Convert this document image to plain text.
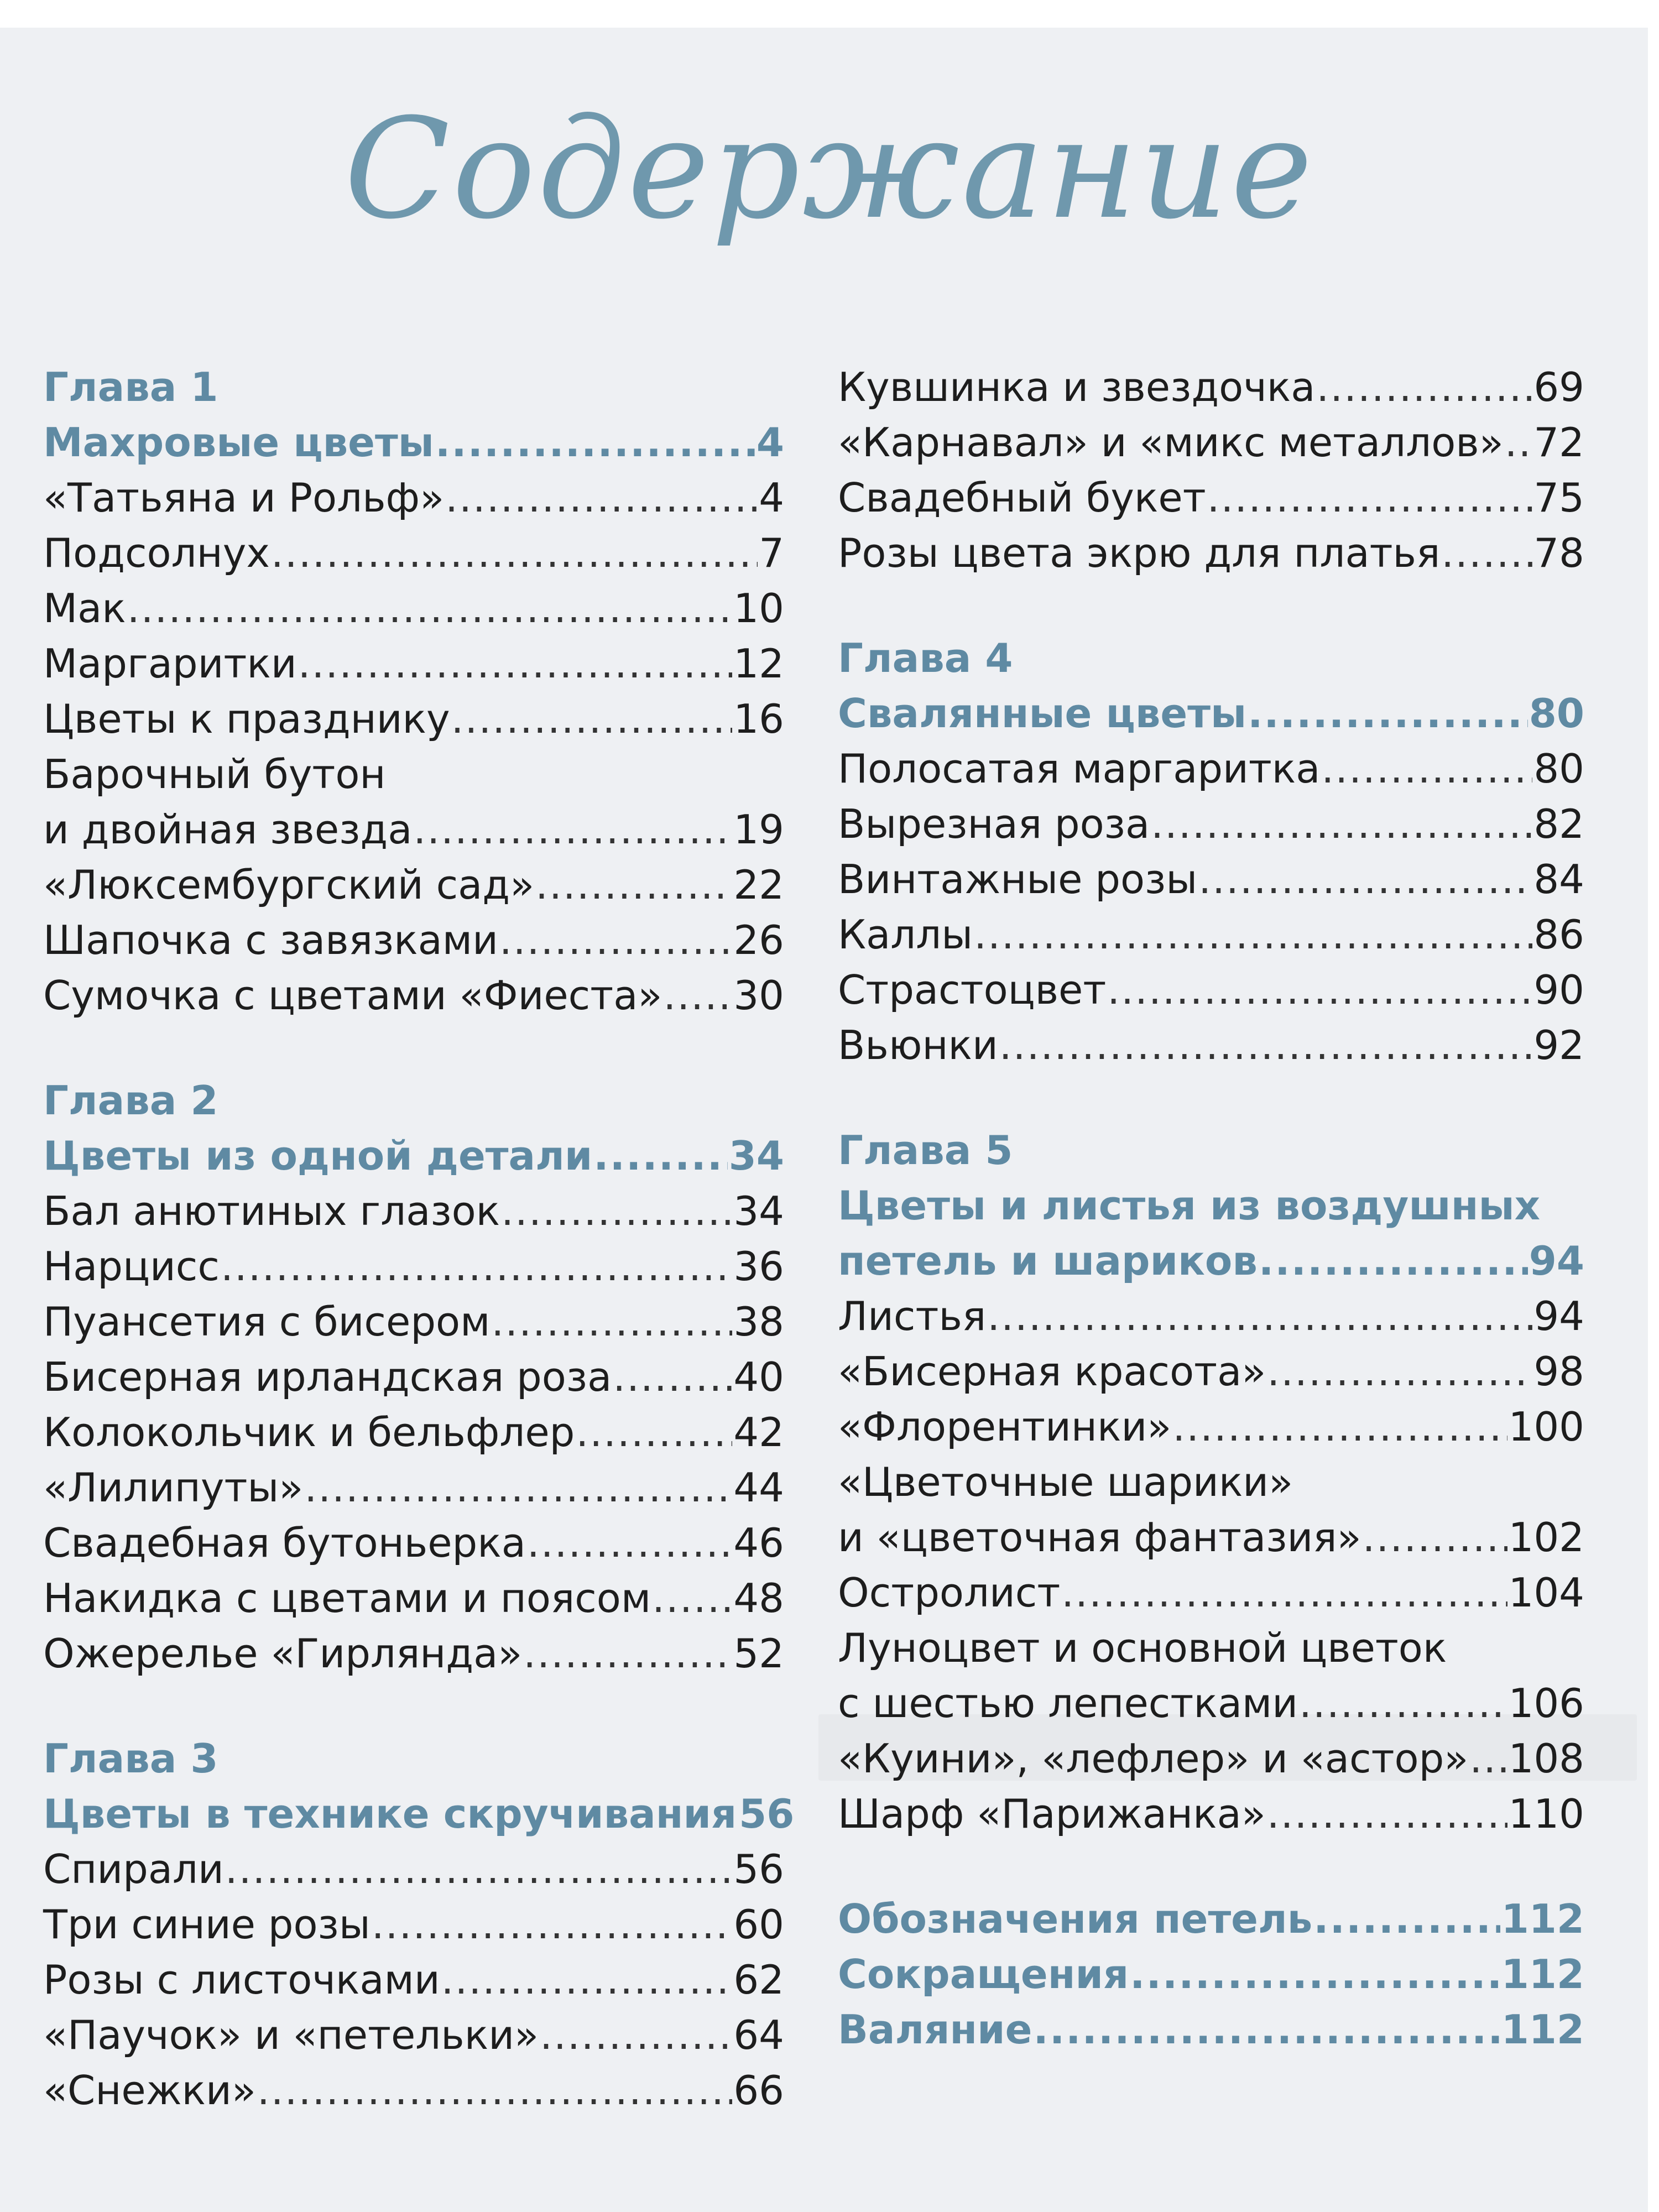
Содержание
Глава 1
Махровые цветы .....	4
«Татьяна и Рольф» .....	4
Подсолнух .....	7
Мак .....	10
Маргаритки .....	12
Цветы к празднику .....	16
Барочный бутон
и двойная звезда .....	19
«Люксембургский сад» .....	22
Шапочка с завязками .....	26
Сумочка с цветами «Фиеста» ..... 30
Глава 2
Цветы из одной детали .....	34
Бал анютиных глазок .....	34
Нарцисс .....	36
Пуансетия с бисером .....	38
Бисерная ирландская роза .....	40
Колокольчик и бельфлер .....	42
«Лилипуты» .....	44
Свадебная бутоньерка .....	46
Накидка с цветами и поясом ..... 48
Ожерелье «Гирлянда» .....	52
Глава 3
Цветы в технике скручивания 56
Спирали .....	56
Три синие розы .....	60
Розы с листочками .....	62
«Паучок» и «петельки» .....	64
«Снежки» .....	66
Кувшинка и звездочка .....	69
«Карнавал» и «микс металлов» ..... 72
Свадебный букет .....	75
Розы цвета экрю для платья ..... 78
Глава 4
Свалянные цветы .....	80
Полосатая маргаритка .....	80
Вырезная роза .....	82
Винтажные розы .....	84
Каллы .....	86
Страстоцвет .....	90
Вьюнки .....	92
Глава 5
Цветы и листья из воздушных
петель и шариков .....	94
Листья .....	94
«Бисерная красота» .....	98
«Флорентинки» .....	100
«Цветочные шарики»
и «цветочная фантазия» .....	102
Остролист .....	104
Луноцвет и основной цветок
с шестью лепестками .....	106
«Куини», «лефлер» и «астор» ..... 108
Шарф «Парижанка» .....	110
Обозначения петель .....	112
Сокращения .....	112
Валяние .....	112
